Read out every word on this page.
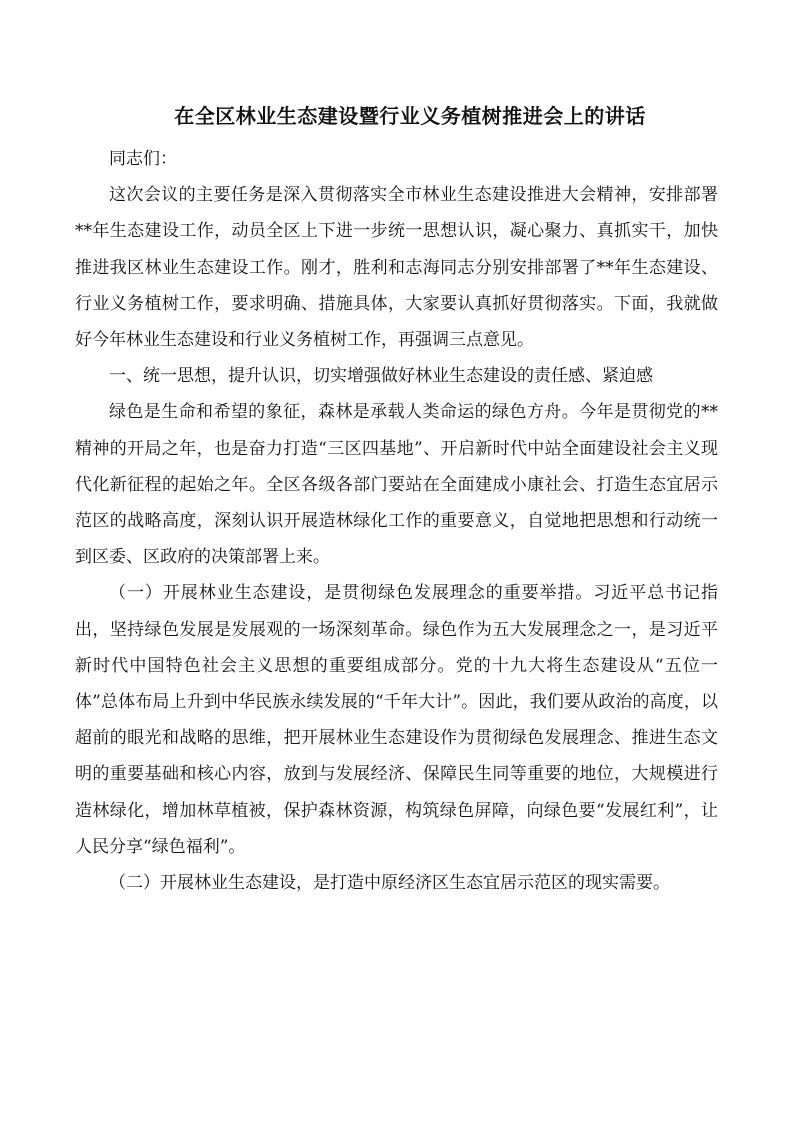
在全区林业生态建设暨行业义务植树推进会上的讲话

同志们：

这次会议的主要任务是深入贯彻落实全市林业生态建设推进大会精神，安排部署**年生态建设工作，动员全区上下进一步统一思想认识，凝心聚力、真抓实干，加快推进我区林业生态建设工作。刚才，胜利和志海同志分别安排部署了**年生态建设、行业义务植树工作，要求明确、措施具体，大家要认真抓好贯彻落实。下面，我就做好今年林业生态建设和行业义务植树工作，再强调三点意见。

一、统一思想，提升认识，切实增强做好林业生态建设的责任感、紧迫感

绿色是生命和希望的象征，森林是承载人类命运的绿色方舟。今年是贯彻党的**精神的开局之年，也是奋力打造“三区四基地”、开启新时代中站全面建设社会主义现代化新征程的起始之年。全区各级各部门要站在全面建成小康社会、打造生态宜居示范区的战略高度，深刻认识开展造林绿化工作的重要意义，自觉地把思想和行动统一到区委、区政府的决策部署上来。

（一）开展林业生态建设，是贯彻绿色发展理念的重要举措。习近平总书记指出，坚持绿色发展是发展观的一场深刻革命。绿色作为五大发展理念之一，是习近平新时代中国特色社会主义思想的重要组成部分。党的十九大将生态建设从“五位一体”总体布局上升到中华民族永续发展的“千年大计”。因此，我们要从政治的高度，以超前的眼光和战略的思维，把开展林业生态建设作为贯彻绿色发展理念、推进生态文明的重要基础和核心内容，放到与发展经济、保障民生同等重要的地位，大规模进行造林绿化，增加林草植被，保护森林资源，构筑绿色屏障，向绿色要“发展红利”，让人民分享“绿色福利”。

（二）开展林业生态建设，是打造中原经济区生态宜居示范区的现实需要。
